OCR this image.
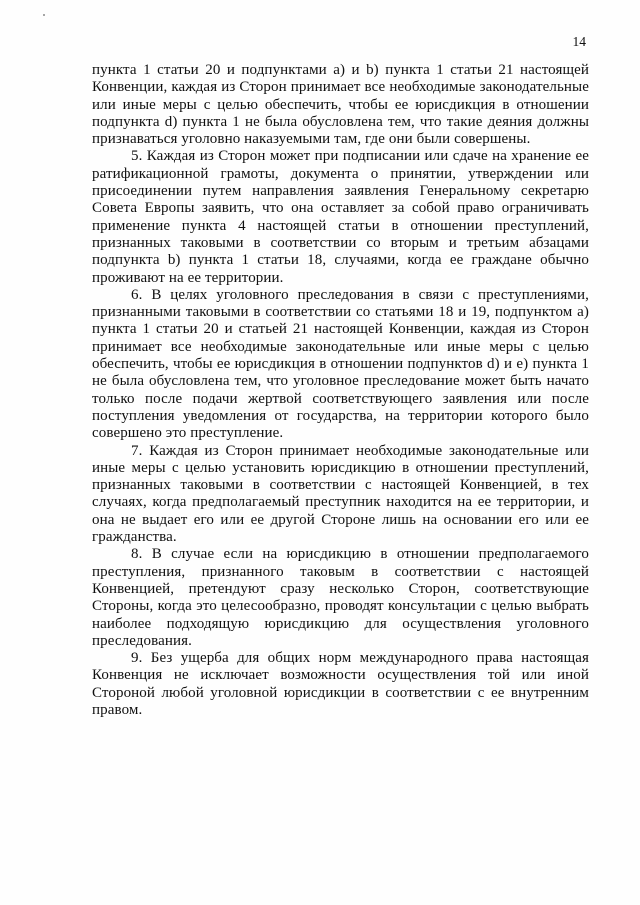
14

пункта 1 статьи 20 и подпунктами a) и b) пункта 1 статьи 21 настоящей Конвенции, каждая из Сторон принимает все необходимые законодательные или иные меры с целью обеспечить, чтобы ее юрисдикция в отношении подпункта d) пункта 1 не была обусловлена тем, что такие деяния должны признаваться уголовно наказуемыми там, где они были совершены.

5. Каждая из Сторон может при подписании или сдаче на хранение ее ратификационной грамоты, документа о принятии, утверждении или присоединении путем направления заявления Генеральному секретарю Совета Европы заявить, что она оставляет за собой право ограничивать применение пункта 4 настоящей статьи в отношении преступлений, признанных таковыми в соответствии со вторым и третьим абзацами подпункта b) пункта 1 статьи 18, случаями, когда ее граждане обычно проживают на ее территории.

6. В целях уголовного преследования в связи с преступлениями, признанными таковыми в соответствии со статьями 18 и 19, подпунктом a) пункта 1 статьи 20 и статьей 21 настоящей Конвенции, каждая из Сторон принимает все необходимые законодательные или иные меры с целью обеспечить, чтобы ее юрисдикция в отношении подпунктов d) и e) пункта 1 не была обусловлена тем, что уголовное преследование может быть начато только после подачи жертвой соответствующего заявления или после поступления уведомления от государства, на территории которого было совершено это преступление.

7. Каждая из Сторон принимает необходимые законодательные или иные меры с целью установить юрисдикцию в отношении преступлений, признанных таковыми в соответствии с настоящей Конвенцией, в тех случаях, когда предполагаемый преступник находится на ее территории, и она не выдает его или ее другой Стороне лишь на основании его или ее гражданства.

8. В случае если на юрисдикцию в отношении предполагаемого преступления, признанного таковым в соответствии с настоящей Конвенцией, претендуют сразу несколько Сторон, соответствующие Стороны, когда это целесообразно, проводят консультации с целью выбрать наиболее подходящую юрисдикцию для осуществления уголовного преследования.

9. Без ущерба для общих норм международного права настоящая Конвенция не исключает возможности осуществления той или иной Стороной любой уголовной юрисдикции в соответствии с ее внутренним правом.
